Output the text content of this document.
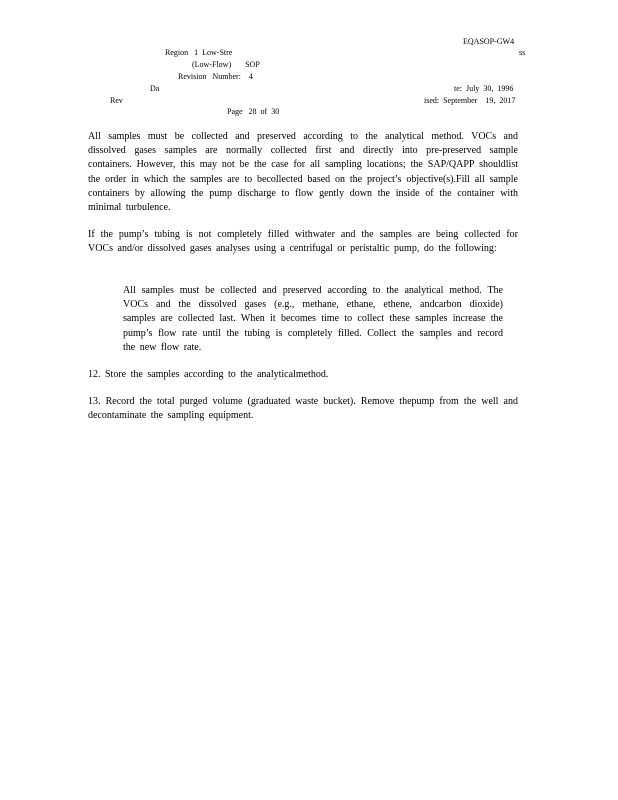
EQASOP-GW4
Region   1  Low-Stre	ss
(Low-Flow)       SOP
Revision   Number:    4
Da	te:  July  30,  1996
Rev	ised:  September    19,  2017
Page   28  of  30
All samples must be collected and preserved according to the analytical method. VOCs and dissolved gases samples are normally collected first and directly into pre-preserved sample containers. However, this may not be the case for all sampling locations; the SAP/QAPP shouldlist the order in which the samples are to becollected based on the project’s objective(s).Fill all sample containers by allowing the pump discharge to flow gently down the inside of the container with minimal turbulence.
If the pump’s tubing is not completely filled withwater and the samples are being collected for VOCs and/or dissolved gases analyses using a centrifugal or peristaltic pump, do the following:
All samples must be collected and preserved according to the analytical method. The VOCs and the dissolved gases (e.g., methane, ethane, ethene, andcarbon dioxide) samples are collected last. When it becomes time to collect these samples increase the pump’s flow rate until the tubing is completely filled. Collect the samples and record the new flow rate.
12. Store the samples according to the analyticalmethod.
13. Record the total purged volume (graduated waste bucket). Remove thepump from the well and decontaminate the sampling equipment.
